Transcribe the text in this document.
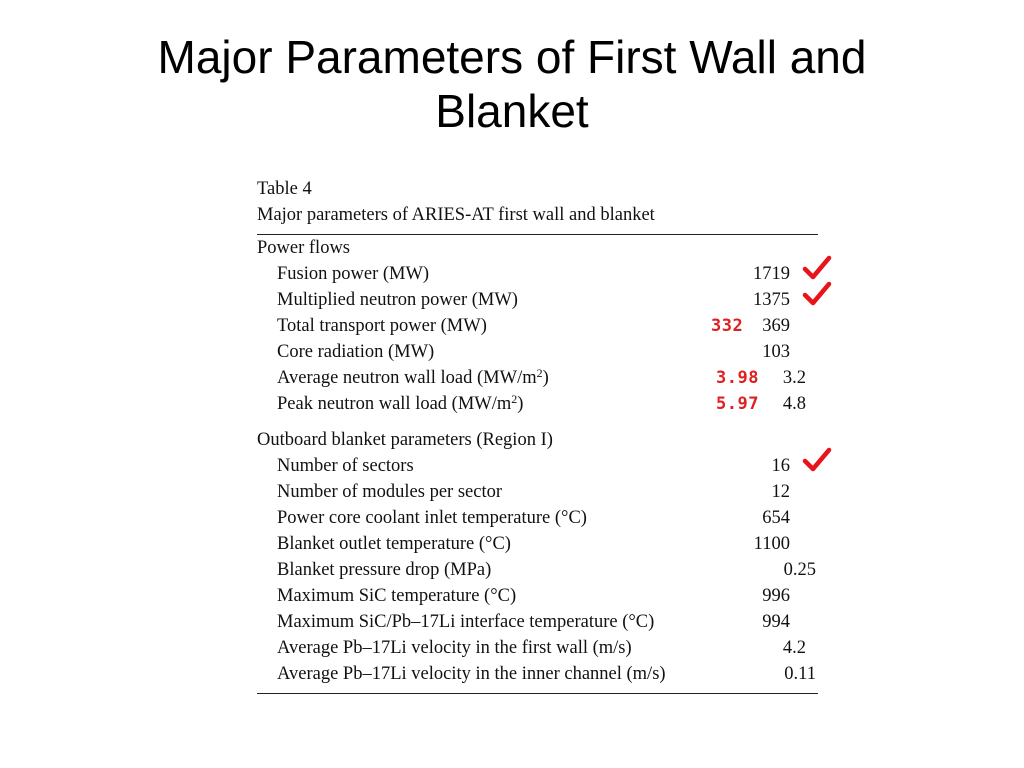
Major Parameters of First Wall and
Blanket
Table 4
Major parameters of ARIES-AT first wall and blanket
Power flows
Fusion power (MW)	1719
Multiplied neutron power (MW)	1375
Total transport power (MW)	332 369
Core radiation (MW)	103
Average neutron wall load $(MW/m^2)$	3.98 3.2
Peak neutron wall load $(MW/m^2)$	5.97 4.8
Outboard blanket parameters (Region I)
Number of sectors	16
Number of modules per sector	12
Power core coolant inlet temperature (°C)	654
Blanket outlet temperature (°C)	1100
Blanket pressure drop (MPa)	0.25
Maximum SiC temperature (°C)	996
Maximum SiC/Pb–17Li interface temperature (°C)	994
Average Pb–17Li velocity in the first wall (m/s)	4.2
Average Pb–17Li velocity in the inner channel (m/s)	0.11
